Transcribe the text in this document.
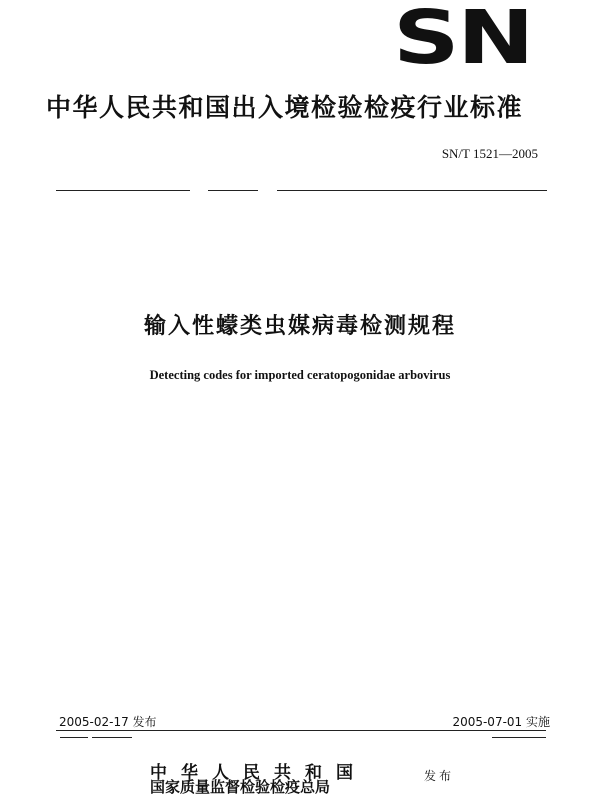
SN
中华人民共和国出入境检验检疫行业标准
SN/T 1521—2005
输入性蠓类虫媒病毒检测规程
Detecting codes for imported ceratopogonidae arbovirus
2005-02-17 发布	2005-07-01 实施
中华人民共和国
国家质量监督检验检疫总局
发布
